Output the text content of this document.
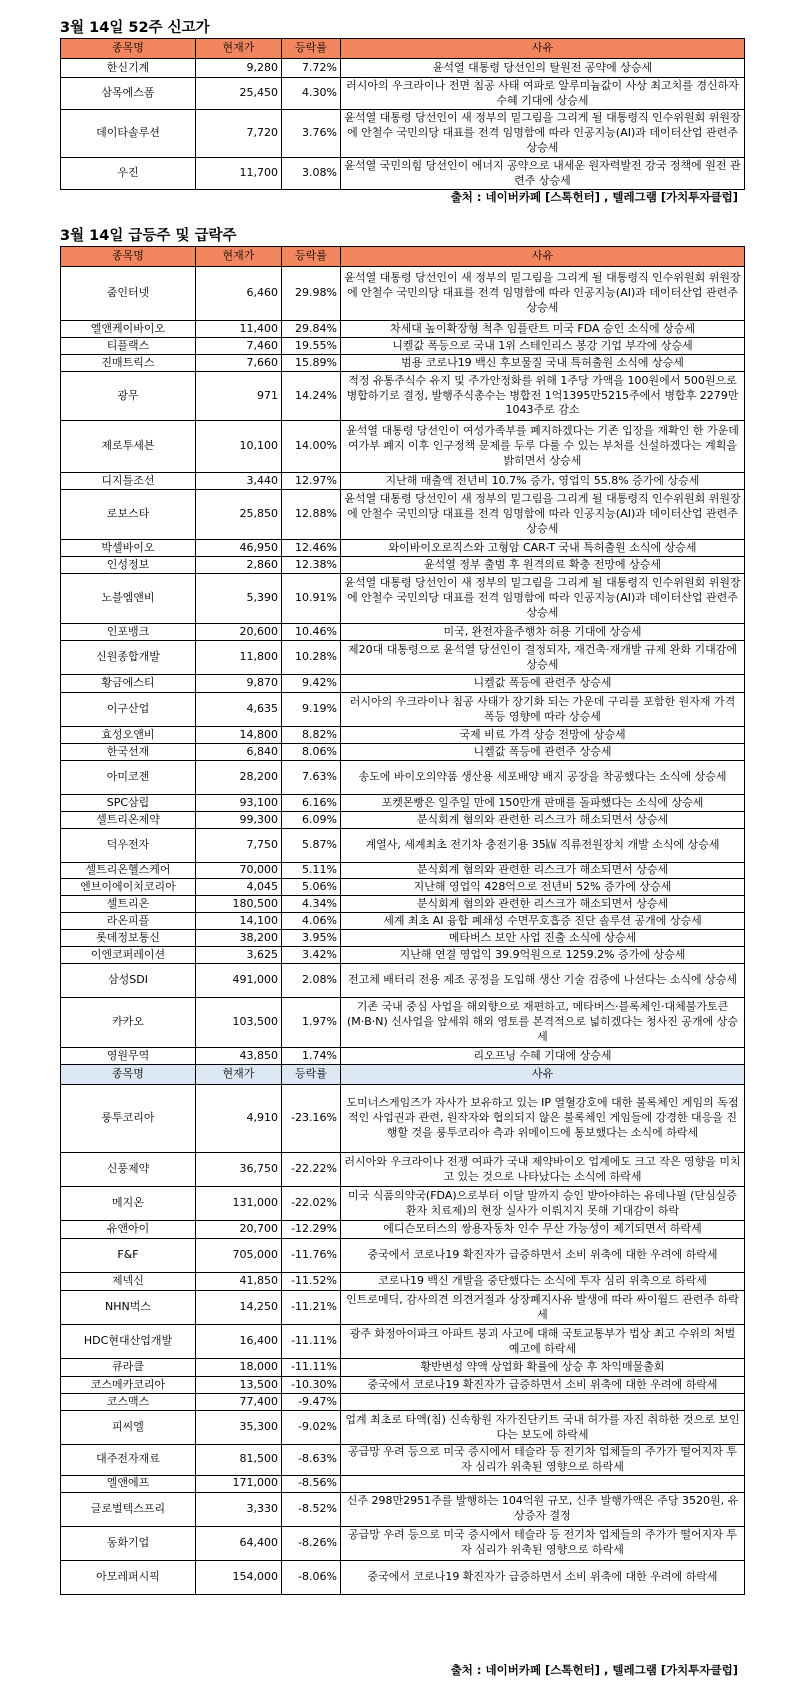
3월 14일 52주 신고가
종목명	현재가	등락률	사유
한신기계	9,280	7.72%	윤석열 대통령 당선인의 탈원전 공약에 상승세
삼목에스폼	25,450	4.30%	러시아의 우크라이나 전면 침공 사태 여파로 알루미늄값이 사상 최고치를 경신하자 수혜 기대에 상승세
데이타솔루션	7,720	3.76%	윤석열 대통령 당선인이 새 정부의 밑그림을 그리게 될 대통령직 인수위원회 위원장에 안철수 국민의당 대표를 전격 임명함에 따라 인공지능(AI)과 데이터산업 관련주 상승세
우진	11,700	3.08%	윤석열 국민의힘 당선인이 에너지 공약으로 내세운 원자력발전 강국 정책에 원전 관련주 상승세
출처 : 네이버카페 [스톡헌터] , 텔레그램 [가치투자클럽]
3월 14일 급등주 및 급락주
종목명	현재가	등락률	사유
줌인터넷	6,460	29.98%	윤석열 대통령 당선인이 새 정부의 밑그림을 그리게 될 대통령직 인수위원회 위원장에 안철수 국민의당 대표를 전격 임명함에 따라 인공지능(AI)과 데이터산업 관련주 상승세
엘앤케이바이오	11,400	29.84%	차세대 높이확장형 척추 임플란트 미국 FDA 승인 소식에 상승세
티플랙스	7,460	19.55%	니켈값 폭등으로 국내 1위 스테인리스 봉강 기업 부각에 상승세
진매트릭스	7,660	15.89%	범용 코로나19 백신 후보물질 국내 특허출원 소식에 상승세
광무	971	14.24%	적정 유통주식수 유지 및 주가안정화를 위해 1주당 가액을 100원에서 500원으로 병합하기로 결정, 발행주식총수는 병합전 1억1395만5215주에서 병합후 2279만1043주로 감소
제로투세븐	10,100	14.00%	윤석열 대통령 당선인이 여성가족부를 폐지하겠다는 기존 입장을 재확인 한 가운데 여가부 폐지 이후 인구정책 문제를 두루 다룰 수 있는 부처를 신설하겠다는 계획을 밝히면서 상승세
디지틀조선	3,440	12.97%	지난해 매출액 전년비 10.7% 증가, 영업익 55.8% 증가에 상승세
로보스타	25,850	12.88%	윤석열 대통령 당선인이 새 정부의 밑그림을 그리게 될 대통령직 인수위원회 위원장에 안철수 국민의당 대표를 전격 임명함에 따라 인공지능(AI)과 데이터산업 관련주 상승세
박셀바이오	46,950	12.46%	와이바이오로직스와 고형암 CAR-T 국내 특허출원 소식에 상승세
인성정보	2,860	12.38%	윤석열 정부 출범 후 원격의료 확충 전망에 상승세
노블엠앤비	5,390	10.91%	윤석열 대통령 당선인이 새 정부의 밑그림을 그리게 될 대통령직 인수위원회 위원장에 안철수 국민의당 대표를 전격 임명함에 따라 인공지능(AI)과 데이터산업 관련주 상승세
인포뱅크	20,600	10.46%	미국, 완전자율주행차 허용 기대에 상승세
신원종합개발	11,800	10.28%	제20대 대통령으로 윤석열 당선인이 결정되자, 재건축·재개발 규제 완화 기대감에 상승세
황금에스티	9,870	9.42%	니켈값 폭등에 관련주 상승세
이구산업	4,635	9.19%	러시아의 우크라이나 침공 사태가 장기화 되는 가운데 구리를 포함한 원자재 가격 폭등 영향에 따라 상승세
효성오앤비	14,800	8.82%	국제 비료 가격 상승 전망에 상승세
한국선재	6,840	8.06%	니켈값 폭등에 관련주 상승세
아미코젠	28,200	7.63%	송도에 바이오의약품 생산용 세포배양 배지 공장을 착공했다는 소식에 상승세
SPC삼립	93,100	6.16%	포켓몬빵은 일주일 만에 150만개 판매를 돌파했다는 소식에 상승세
셀트리온제약	99,300	6.09%	분식회계 혐의와 관련한 리스크가 해소되면서 상승세
덕우전자	7,750	5.87%	계열사, 세계최초 전기차 충전기용 35㎾ 직류전원장치 개발 소식에 상승세
셀트리온헬스케어	70,000	5.11%	분식회계 혐의와 관련한 리스크가 해소되면서 상승세
엔브이에이치코리아	4,045	5.06%	지난해 영업익 428억으로 전년비 52% 증가에 상승세
셀트리온	180,500	4.34%	분식회계 혐의와 관련한 리스크가 해소되면서 상승세
라온피플	14,100	4.06%	세계 최초 AI 융합 폐쇄성 수면무호흡증 진단 솔루션 공개에 상승세
롯데정보통신	38,200	3.95%	메타버스 보안 사업 진출 소식에 상승세
이엔코퍼레이션	3,625	3.42%	지난해 연결 영업익 39.9억원으로 1259.2% 증가에 상승세
삼성SDI	491,000	2.08%	전고체 배터리 전용 제조 공정을 도입해 생산 기술 검증에 나선다는 소식에 상승세
카카오	103,500	1.97%	기존 국내 중심 사업을 해외향으로 재편하고, 메타버스·블록체인·대체불가토큰(M·B·N) 신사업을 앞세워 해외 영토를 본격적으로 넓히겠다는 청사진 공개에 상승세
영원무역	43,850	1.74%	리오프닝 수혜 기대에 상승세
종목명	현재가	등락률	사유
룽투코리아	4,910	-23.16%	도미너스게임즈가 자사가 보유하고 있는 IP 열혈강호에 대한 불록체인 게임의 독점적인 사업권과 관련, 원작자와 협의되지 않은 불록체인 게임들에 강경한 대응을 진행할 것을 룽투코리아 측과 위메이드에 통보했다는 소식에 하락세
신풍제약	36,750	-22.22%	러시아와 우크라이나 전쟁 여파가 국내 제약바이오 업계에도 크고 작은 영향을 미치고 있는 것으로 나타났다는 소식에 하락세
메지온	131,000	-22.02%	미국 식품의약국(FDA)으로부터 이달 말까지 승인 받아야하는 유데나필 (단심실증환자 치료제)의 현장 실사가 이뤄지지 못해 기대감이 하락
유앤아이	20,700	-12.29%	에디슨모터스의 쌍용자동차 인수 무산 가능성이 제기되면서 하락세
F&F	705,000	-11.76%	중국에서 코로나19 확진자가 급증하면서 소비 위축에 대한 우려에 하락세
제넥신	41,850	-11.52%	코로나19 백신 개발을 중단했다는 소식에 투자 심리 위축으로 하락세
NHN벅스	14,250	-11.21%	인트로메딕, 감사의견 의견거절과 상장폐지사유 발생에 따라 싸이월드 관련주 하락세
HDC현대산업개발	16,400	-11.11%	광주 화정아이파크 아파트 붕괴 사고에 대해 국토교통부가 법상 최고 수위의 처벌 예고에 하락세
큐라클	18,000	-11.11%	황반변성 약액 상업화 확률에 상승 후 차익매물출회
코스메카코리아	13,500	-10.30%	중국에서 코로나19 확진자가 급증하면서 소비 위축에 대한 우려에 하락세
코스맥스	77,400	-9.47%	
피씨엘	35,300	-9.02%	업계 최초로 타액(침) 신속항원 자가진단키트 국내 허가를 자진 취하한 것으로 보인다는 보도에 하락세
대주전자재료	81,500	-8.63%	공급망 우려 등으로 미국 증시에서 테슬라 등 전기차 업체들의 주가가 떨어지자 투자 심리가 위축된 영향으로 하락세
엘앤에프	171,000	-8.56%	
글로벌텍스프리	3,330	-8.52%	신주 298만2951주를 발행하는 104억원 규모, 신주 발행가액은 주당 3520원, 유상증자 결정
동화기업	64,400	-8.26%	공급망 우려 등으로 미국 증시에서 테슬라 등 전기차 업체들의 주가가 떨어지자 투자 심리가 위축된 영향으로 하락세
아모레퍼시픽	154,000	-8.06%	중국에서 코로나19 확진자가 급증하면서 소비 위축에 대한 우려에 하락세
출처 : 네이버카페 [스톡헌터] , 텔레그램 [가치투자클럽]
